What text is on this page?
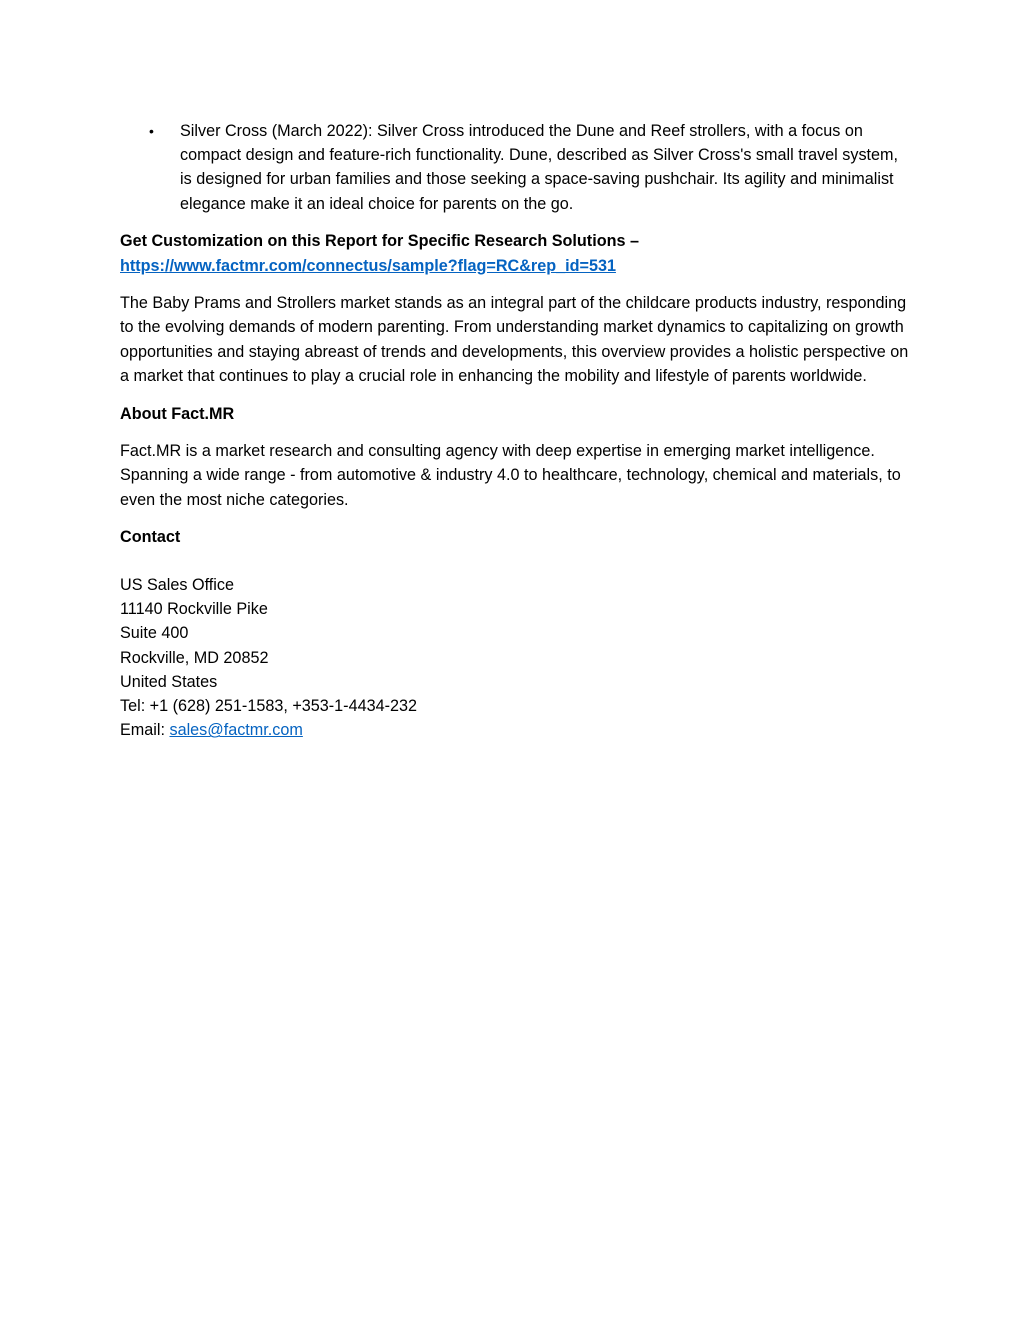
• Silver Cross (March 2022): Silver Cross introduced the Dune and Reef strollers, with a focus on compact design and feature-rich functionality. Dune, described as Silver Cross's small travel system, is designed for urban families and those seeking a space-saving pushchair. Its agility and minimalist elegance make it an ideal choice for parents on the go.

Get Customization on this Report for Specific Research Solutions –

https://www.factmr.com/connectus/sample?flag=RC&rep_id=531

The Baby Prams and Strollers market stands as an integral part of the childcare products industry, responding to the evolving demands of modern parenting. From understanding market dynamics to capitalizing on growth opportunities and staying abreast of trends and developments, this overview provides a holistic perspective on a market that continues to play a crucial role in enhancing the mobility and lifestyle of parents worldwide.

About Fact.MR

Fact.MR is a market research and consulting agency with deep expertise in emerging market intelligence. Spanning a wide range - from automotive & industry 4.0 to healthcare, technology, chemical and materials, to even the most niche categories.

Contact

US Sales Office

11140 Rockville Pike

Suite 400

Rockville, MD 20852

United States

Tel: +1 (628) 251-1583, +353-1-4434-232

Email: sales@factmr.com
